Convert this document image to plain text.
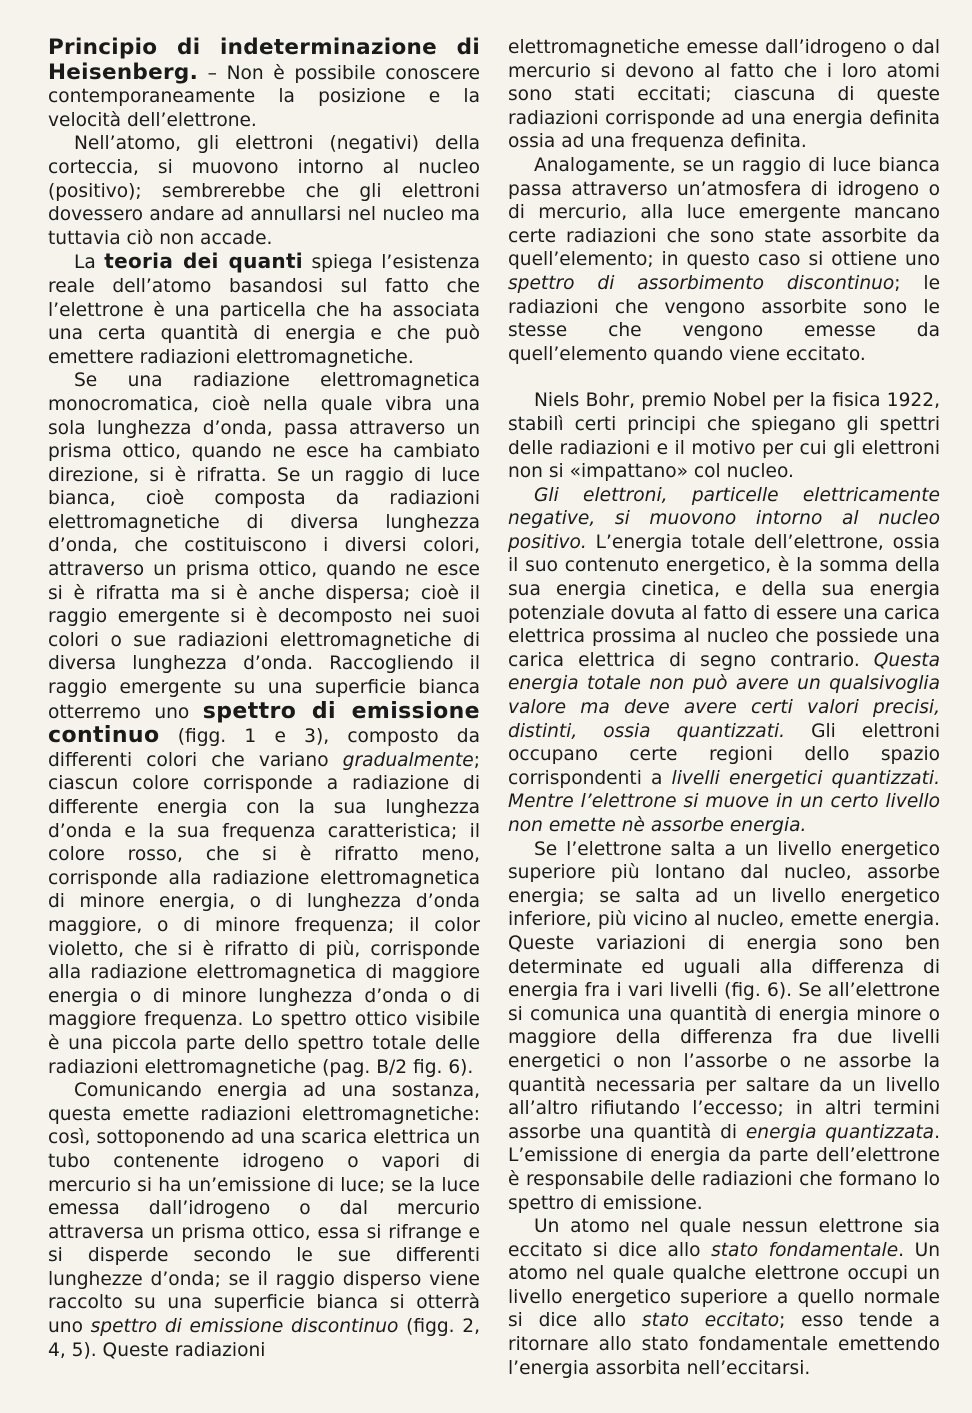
Principio di indeterminazione di Heisenberg. – Non è possibile conoscere contemporaneamente la posizione e la velocità dell’elettrone.

Nell’atomo, gli elettroni (negativi) della corteccia, si muovono intorno al nucleo (positivo); sembrerebbe che gli elettroni dovessero andare ad annullarsi nel nucleo ma tuttavia ciò non accade.

La teoria dei quanti spiega l’esistenza reale dell’atomo basandosi sul fatto che l’elettrone è una particella che ha associata una certa quantità di energia e che può emettere radiazioni elettromagnetiche.

Se una radiazione elettromagnetica monocromatica, cioè nella quale vibra una sola lunghezza d’onda, passa attraverso un prisma ottico, quando ne esce ha cambiato direzione, si è rifratta. Se un raggio di luce bianca, cioè composta da radiazioni elettromagnetiche di diversa lunghezza d’onda, che costituiscono i diversi colori, attraverso un prisma ottico, quando ne esce si è rifratta ma si è anche dispersa; cioè il raggio emergente si è decomposto nei suoi colori o sue radiazioni elettromagnetiche di diversa lunghezza d’onda. Raccogliendo il raggio emergente su una superficie bianca otterremo uno spettro di emissione continuo (figg. 1 e 3), composto da differenti colori che variano gradualmente; ciascun colore corrisponde a radiazione di differente energia con la sua lunghezza d’onda e la sua frequenza caratteristica; il colore rosso, che si è rifratto meno, corrisponde alla radiazione elettromagnetica di minore energia, o di lunghezza d’onda maggiore, o di minore frequenza; il color violetto, che si è rifratto di più, corrisponde alla radiazione elettromagnetica di maggiore energia o di minore lunghezza d’onda o di maggiore frequenza. Lo spettro ottico visibile è una piccola parte dello spettro totale delle radiazioni elettromagnetiche (pag. B/2 fig. 6).

Comunicando energia ad una sostanza, questa emette radiazioni elettromagnetiche: così, sottoponendo ad una scarica elettrica un tubo contenente idrogeno o vapori di mercurio si ha un’emissione di luce; se la luce emessa dall’idrogeno o dal mercurio attraversa un prisma ottico, essa si rifrange e si disperde secondo le sue differenti lunghezze d’onda; se il raggio disperso viene raccolto su una superficie bianca si otterrà uno spettro di emissione discontinuo (figg. 2, 4, 5). Queste radiazioni

elettromagnetiche emesse dall’idrogeno o dal mercurio si devono al fatto che i loro atomi sono stati eccitati; ciascuna di queste radiazioni corrisponde ad una energia definita ossia ad una frequenza definita.

Analogamente, se un raggio di luce bianca passa attraverso un’atmosfera di idrogeno o di mercurio, alla luce emergente mancano certe radiazioni che sono state assorbite da quell’elemento; in questo caso si ottiene uno spettro di assorbimento discontinuo; le radiazioni che vengono assorbite sono le stesse che vengono emesse da quell’elemento quando viene eccitato.

Niels Bohr, premio Nobel per la fisica 1922, stabilì certi principi che spiegano gli spettri delle radiazioni e il motivo per cui gli elettroni non si «impattano» col nucleo.

Gli elettroni, particelle elettricamente negative, si muovono intorno al nucleo positivo. L’energia totale dell’elettrone, ossia il suo contenuto energetico, è la somma della sua energia cinetica, e della sua energia potenziale dovuta al fatto di essere una carica elettrica prossima al nucleo che possiede una carica elettrica di segno contrario. Questa energia totale non può avere un qualsivoglia valore ma deve avere certi valori precisi, distinti, ossia quantizzati. Gli elettroni occupano certe regioni dello spazio corrispondenti a livelli energetici quantizzati. Mentre l’elettrone si muove in un certo livello non emette nè assorbe energia.

Se l’elettrone salta a un livello energetico superiore più lontano dal nucleo, assorbe energia; se salta ad un livello energetico inferiore, più vicino al nucleo, emette energia. Queste variazioni di energia sono ben determinate ed uguali alla differenza di energia fra i vari livelli (fig. 6). Se all’elettrone si comunica una quantità di energia minore o maggiore della differenza fra due livelli energetici o non l’assorbe o ne assorbe la quantità necessaria per saltare da un livello all’altro rifiutando l’eccesso; in altri termini assorbe una quantità di energia quantizzata. L’emissione di energia da parte dell’elettrone è responsabile delle radiazioni che formano lo spettro di emissione.

Un atomo nel quale nessun elettrone sia eccitato si dice allo stato fondamentale. Un atomo nel quale qualche elettrone occupi un livello energetico superiore a quello normale si dice allo stato eccitato; esso tende a ritornare allo stato fondamentale emettendo l’energia assorbita nell’eccitarsi.
